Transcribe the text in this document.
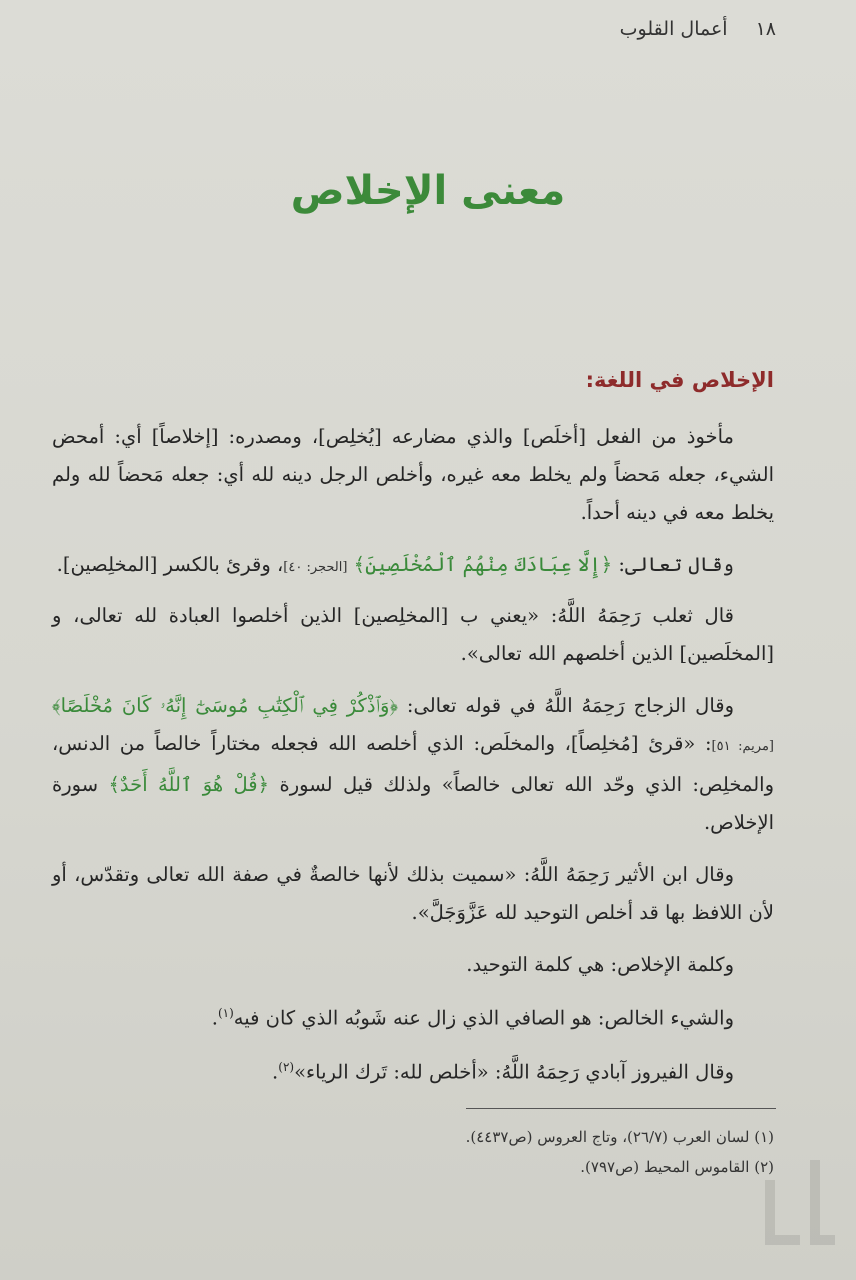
١٨
أعمال القلوب
معنى الإخلاص
الإخلاص في اللغة:

مأخوذ من الفعل [أخلَص] والذي مضارعه [يُخلِص]، ومصدره: [إخلاصاً] أي: أمحض الشيء، جعله مَحضاً ولم يخلط معه غيره، وأخلص الرجل دينه لله أي: جعله مَحضاً لله ولم يخلط معه في دينه أحداً.

وقال تعالى: ﴿إِلَّا عِبَادَكَ مِنْهُمُ ٱلْمُخْلَصِينَ﴾ [الحجر: ٤٠]، وقرئ بالكسر [المخلِصين].

قال ثعلب رَحِمَهُ اللَّهُ: «يعني ب [المخلِصين] الذين أخلصوا العبادة لله تعالى، و [المخلَصين] الذين أخلصهم الله تعالى».

وقال الزجاج رَحِمَهُ اللَّهُ في قوله تعالى: ﴿وَٱذْكُرْ فِي ٱلْكِتَٰبِ مُوسَىٰٓ إِنَّهُۥ كَانَ مُخْلَصًا﴾ [مريم: ٥١]: «قرئ [مُخلِصاً]، والمخلَص: الذي أخلصه الله فجعله مختاراً خالصاً من الدنس، والمخلِص: الذي وحّد الله تعالى خالصاً» ولذلك قيل لسورة ﴿قُلْ هُوَ ٱللَّهُ أَحَدٌ﴾ سورة الإخلاص.

وقال ابن الأثير رَحِمَهُ اللَّهُ: «سميت بذلك لأنها خالصةٌ في صفة الله تعالى وتقدّس، أو لأن اللافظ بها قد أخلص التوحيد لله عَزَّوَجَلَّ».

وكلمة الإخلاص: هي كلمة التوحيد.

والشيء الخالص: هو الصافي الذي زال عنه شَوبُه الذي كان فيه$^{(١)}$.

وقال الفيروز آبادي رَحِمَهُ اللَّهُ: «أخلص لله: تَرك الرياء»$^{(٢)}$.

(١) لسان العرب (٢٦/٧)، وتاج العروس (ص٤٤٣٧).
(٢) القاموس المحيط (ص٧٩٧).
